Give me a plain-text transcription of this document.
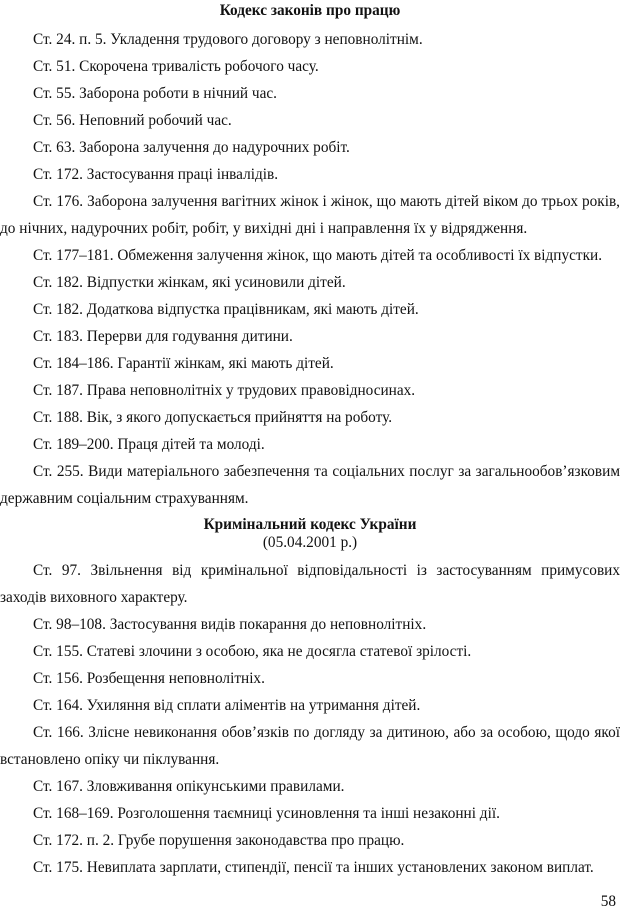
Кодекс законів про працю

Ст. 24. п. 5. Укладення трудового договору з неповнолітнім.

Ст. 51. Скорочена тривалість робочого часу.

Ст. 55. Заборона роботи в нічний час.

Ст. 56. Неповний робочий час.

Ст. 63. Заборона залучення до надурочних робіт.

Ст. 172. Застосування праці інвалідів.

Ст. 176. Заборона залучення вагітних жінок і жінок, що мають дітей віком до трьох років, до нічних, надурочних робіт, робіт, у вихідні дні і направлення їх у відрядження.

Ст. 177–181. Обмеження залучення жінок, що мають дітей та особливості їх відпустки.

Ст. 182. Відпустки жінкам, які усиновили дітей.

Ст. 182. Додаткова відпустка працівникам, які мають дітей.

Ст. 183. Перерви для годування дитини.

Ст. 184–186. Гарантії жінкам, які мають дітей.

Ст. 187. Права неповнолітніх у трудових правовідносинах.

Ст. 188. Вік, з якого допускається прийняття на роботу.

Ст. 189–200. Праця дітей та молоді.

Ст. 255. Види матеріального забезпечення та соціальних послуг за загальнообов’язковим державним соціальним страхуванням.

Кримінальний кодекс України

(05.04.2001 р.)

Ст. 97. Звільнення від кримінальної відповідальності із застосуванням примусових заходів виховного характеру.

Ст. 98–108. Застосування видів покарання до неповнолітніх.

Ст. 155. Статеві злочини з особою, яка не досягла статевої зрілості.

Ст. 156. Розбещення неповнолітніх.

Ст. 164. Ухиляння від сплати аліментів на утримання дітей.

Ст. 166. Злісне невиконання обов’язків по догляду за дитиною, або за особою, щодо якої встановлено опіку чи піклування.

Ст. 167. Зловживання опікунськими правилами.

Ст. 168–169. Розголошення таємниці усиновлення та інші незаконні дії.

Ст. 172. п. 2. Грубе порушення законодавства про працю.

Ст. 175. Невиплата зарплати, стипендії, пенсії та інших установлених законом виплат.

58
